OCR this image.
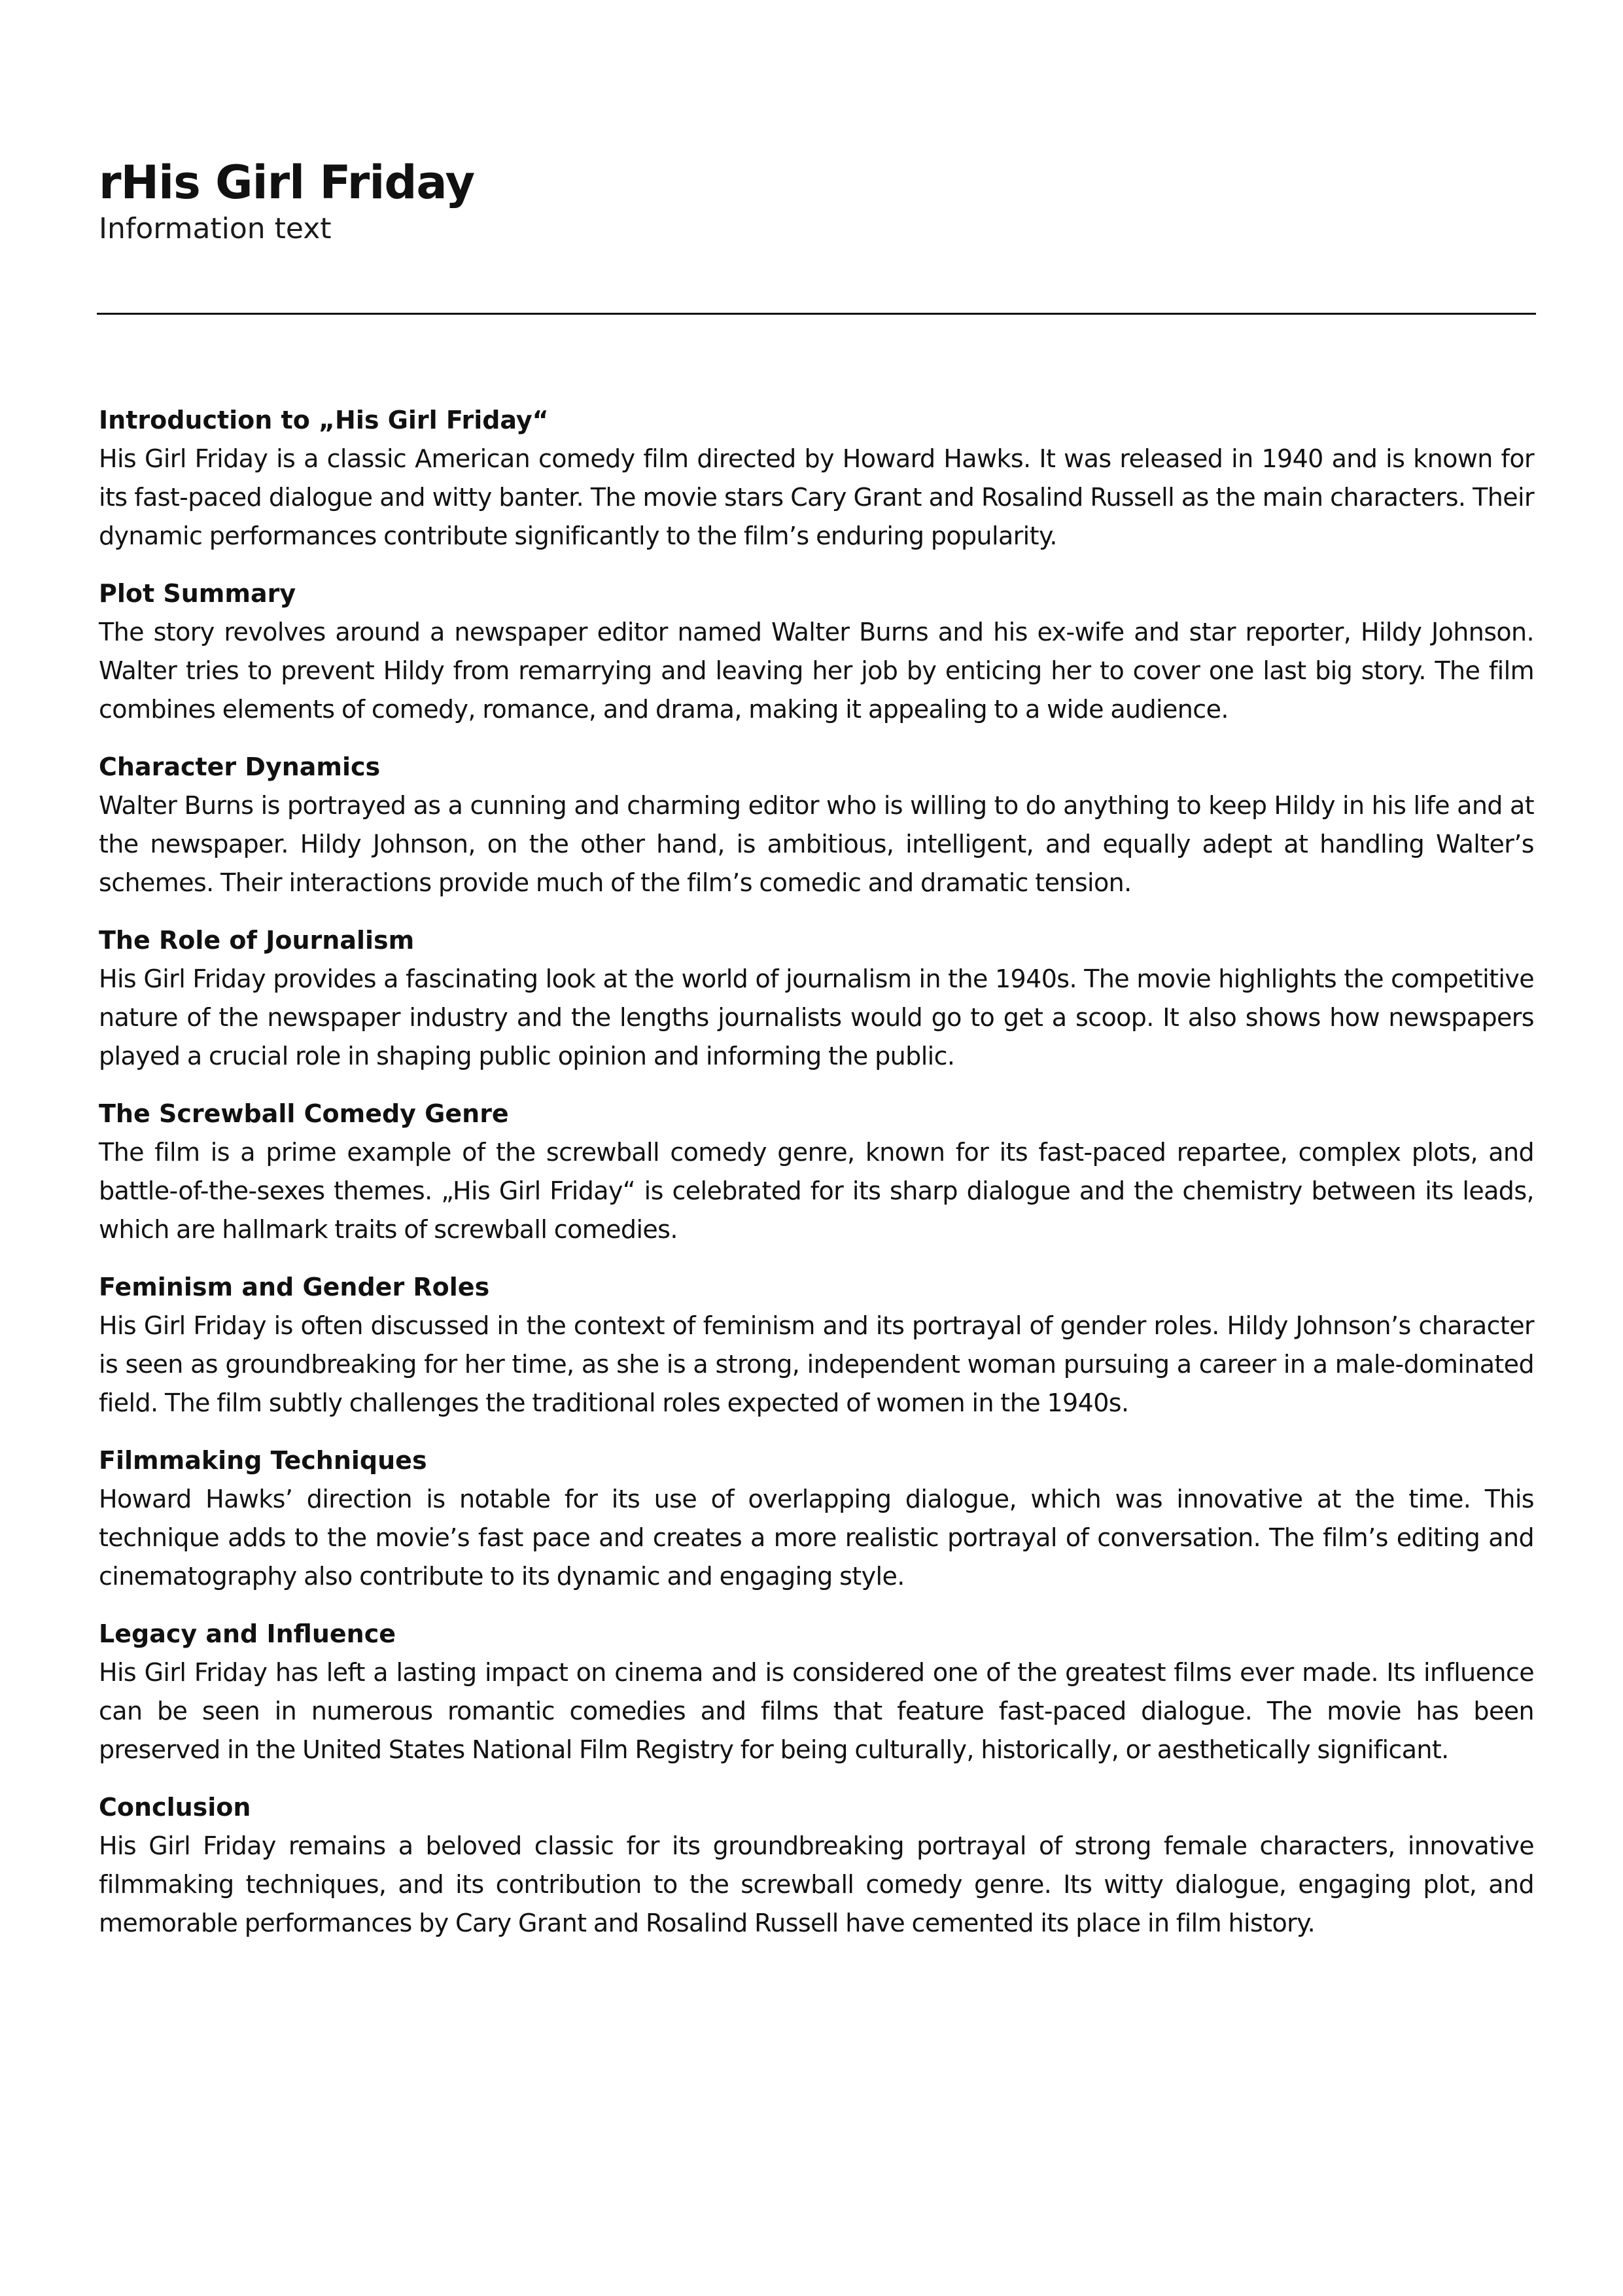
rHis Girl Friday

Information text

Introduction to „His Girl Friday“

His Girl Friday is a classic American comedy film directed by Howard Hawks. It was released in 1940 and is known for its fast-paced dialogue and witty banter. The movie stars Cary Grant and Rosalind Russell as the main characters. Their dynamic performances contribute significantly to the film’s enduring popularity.

Plot Summary

The story revolves around a newspaper editor named Walter Burns and his ex-wife and star reporter, Hildy Johnson. Walter tries to prevent Hildy from remarrying and leaving her job by enticing her to cover one last big story. The film combines elements of comedy, romance, and drama, making it appealing to a wide audience.

Character Dynamics

Walter Burns is portrayed as a cunning and charming editor who is willing to do anything to keep Hildy in his life and at the newspaper. Hildy Johnson, on the other hand, is ambitious, intelligent, and equally adept at handling Walter’s schemes. Their interactions provide much of the film’s comedic and dramatic tension.

The Role of Journalism

His Girl Friday provides a fascinating look at the world of journalism in the 1940s. The movie highlights the competitive nature of the newspaper industry and the lengths journalists would go to get a scoop. It also shows how newspapers played a crucial role in shaping public opinion and informing the public.

The Screwball Comedy Genre

The film is a prime example of the screwball comedy genre, known for its fast-paced repartee, complex plots, and battle-of-the-sexes themes. „His Girl Friday“ is celebrated for its sharp dialogue and the chemistry between its leads, which are hallmark traits of screwball comedies.

Feminism and Gender Roles

His Girl Friday is often discussed in the context of feminism and its portrayal of gender roles. Hildy Johnson’s character is seen as groundbreaking for her time, as she is a strong, independent woman pursuing a career in a male-dominated field. The film subtly challenges the traditional roles expected of women in the 1940s.

Filmmaking Techniques

Howard Hawks’ direction is notable for its use of overlapping dialogue, which was innovative at the time. This technique adds to the movie’s fast pace and creates a more realistic portrayal of conversation. The film’s editing and cinematography also contribute to its dynamic and engaging style.

Legacy and Influence

His Girl Friday has left a lasting impact on cinema and is considered one of the greatest films ever made. Its influence can be seen in numerous romantic comedies and films that feature fast-paced dialogue. The movie has been preserved in the United States National Film Registry for being culturally, historically, or aesthetically significant.

Conclusion

His Girl Friday remains a beloved classic for its groundbreaking portrayal of strong female characters, innovative filmmaking techniques, and its contribution to the screwball comedy genre. Its witty dialogue, engaging plot, and memorable performances by Cary Grant and Rosalind Russell have cemented its place in film history.
